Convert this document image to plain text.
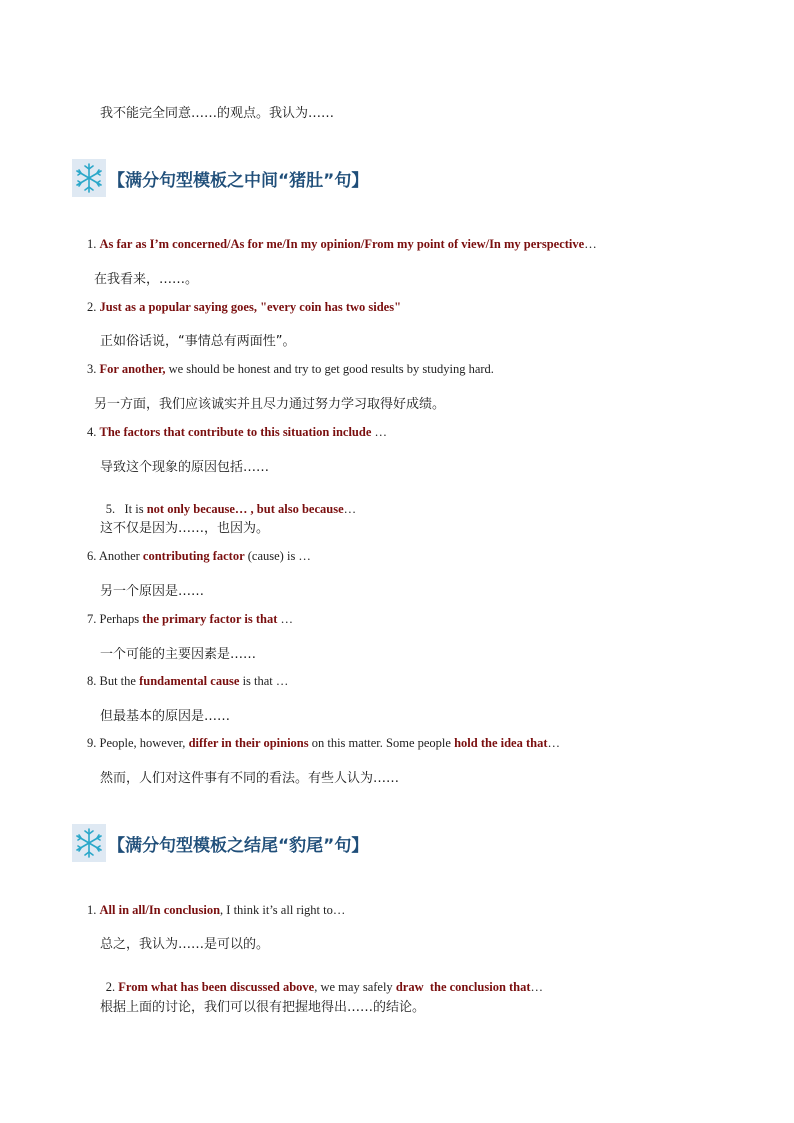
我不能完全同意……的观点。我认为……
【满分句型模板之中间“猪肚”句】
1. As far as I’m concerned/As for me/In my opinion/From my point of view/In my perspective…
在我看来，……。
2. Just as a popular saying goes, "every coin has two sides"
正如俗话说，“事情总有两面性”。
3. For another, we should be honest and try to get good results by studying hard.
另一方面，我们应该诚实并且尽力通过努力学习取得好成绩。
4. The factors that contribute to this situation include …
导致这个现象的原因包括……

5.   It is not only because… , but also because…

这不仅是因为……，也因为。
6. Another contributing factor (cause) is …
另一个原因是……
7. Perhaps the primary factor is that …
一个可能的主要因素是……
8. But the fundamental cause is that …
但最基本的原因是……
9. People, however, differ in their opinions on this matter. Some people hold the idea that…
然而，人们对这件事有不同的看法。有些人认为……
【满分句型模板之结尾“豹尾”句】
1. All in all/In conclusion, I think it’s all right to…
总之，我认为……是可以的。

2. From what has been discussed above, we may safely draw  the conclusion that…

根据上面的讨论，我们可以很有把握地得出……的结论。
